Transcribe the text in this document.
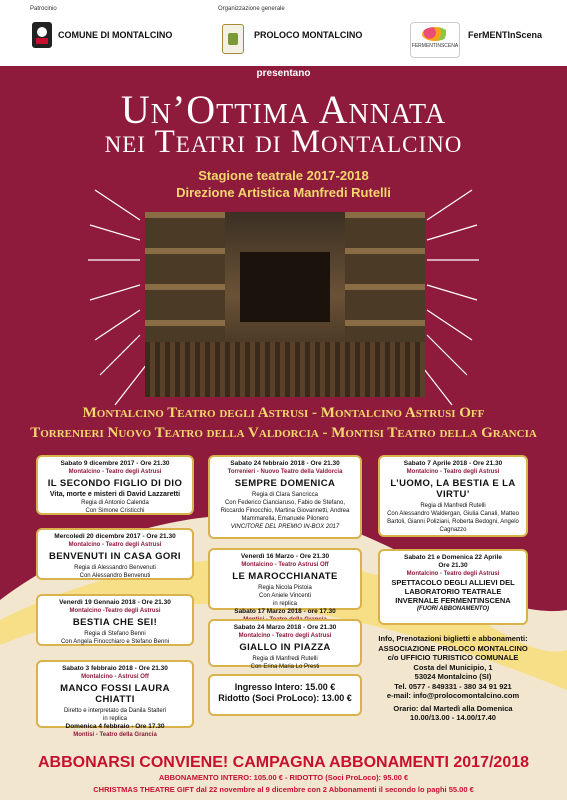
Patrocinio
COMUNE DI MONTALCINO
Organizzazione generale
PROLOCO MONTALCINO
FERMENTINSCENA
FerMENTInScena
presentano
Un’Ottima Annata
nei Teatri di Montalcino
Stagione teatrale 2017-2018
Direzione Artistica Manfredi Rutelli
Montalcino Teatro degli Astrusi - Montalcino Astrusi Off
Torrenieri Nuovo Teatro della Valdorcia - Montisi Teatro della Grancia
Sabato 9 dicembre 2017 - Ore 21.30
Montalcino - Teatro degli Astrusi
IL SECONDO FIGLIO DI DIO
Vita, morte e misteri di David Lazzaretti
Regia di Antonio Calenda
Con Simone Cristicchi
Mercoledì 20 dicembre 2017 - Ore 21.30
Montalcino - Teatro degli Astrusi
BENVENUTI IN CASA GORI
Regia di Alessandro Benvenuti
Con Alessandro Benvenuti
Venerdì 19 Gennaio 2018 - Ore 21.30
Montalcino -Teatro degli Astrusi
BESTIA CHE SEI!
Regia di Stefano Benni
Con Angela Finocchiaro e Stefano Benni
Sabato 3 febbraio 2018 - Ore 21.30
Montalcino - Astrusi Off
MANCO FOSSI LAURA CHIATTI
Diretto e interpretato da Danila Stalteri
in replica
Domenica 4 febbraio - Ore 17.30
Montisi - Teatro della Grancia
Sabato 24 febbraio 2018 - Ore 21.30
Torrenieri - Nuovo Teatro della Valdorcia
SEMPRE DOMENICA
Regia di Clara Sancricca
Con Federico Cianciaruso, Fabio de Stefano, Riccardo Finocchio, Martina Giovannetti, Andrea Mammarella, Emanuele Pilonero
VINCITORE DEL PREMIO IN-BOX 2017
Venerdì 16 Marzo - Ore 21.30
Montalcino - Teatro Astrusi Off
LE MAROCCHIANATE
Regia Nicola Pistoia
Con Aniele Vincenti
in replica
Sabato 17 Marzo 2018 - ore 17.30
Sabato 24 Marzo 2018 - Ore 21.30
Montalcino - Teatro degli Astrusi
GIALLO IN PIAZZA
Regia di Manfredi Rutelli
Con Erina Maria Lo Presti
Ingresso Intero: 15.00 €
Ridotto (Soci ProLoco): 13.00 €
Sabato 7 Aprile 2018 - Ore 21.30
Montalcino - Teatro degli Astrusi
L’UOMO, LA BESTIA E LA VIRTU’
Regia di Manfredi Rutelli
Con Alessandro Waldergan, Giulia Canali, Matteo Bartoli, Gianni Poliziani, Roberta Bedogni, Angelo Cagnazzo
Sabato 21 e Domenica 22 Aprile
Ore 21.30
Montalcino - Teatro degli Astrusi
SPETTACOLO DEGLI ALLIEVI DEL LABORATORIO TEATRALE INVERNALE FERMENTINSCENA
(FUORI ABBONAMENTO)
Info, Prenotazioni biglietti e abbonamenti:
ASSOCIAZIONE PROLOCO MONTALCINO
c/o UFFICIO TURISTICO COMUNALE
Costa del Municipio, 1
53024 Montalcino (SI)
Tel. 0577 - 849331 - 380 34 91 921
e-mail: info@prolocomontalcino.com
Orario: dal Martedì alla Domenica
10.00/13.00 - 14.00/17.40
ABBONARSI CONVIENE! CAMPAGNA ABBONAMENTI 2017/2018
ABBONAMENTO INTERO: 105.00 € - RIDOTTO (Soci ProLoco): 95.00 €
CHRISTMAS THEATRE GIFT dal 22 novembre al 9 dicembre con 2 Abbonamenti il secondo lo paghi 55.00 €
